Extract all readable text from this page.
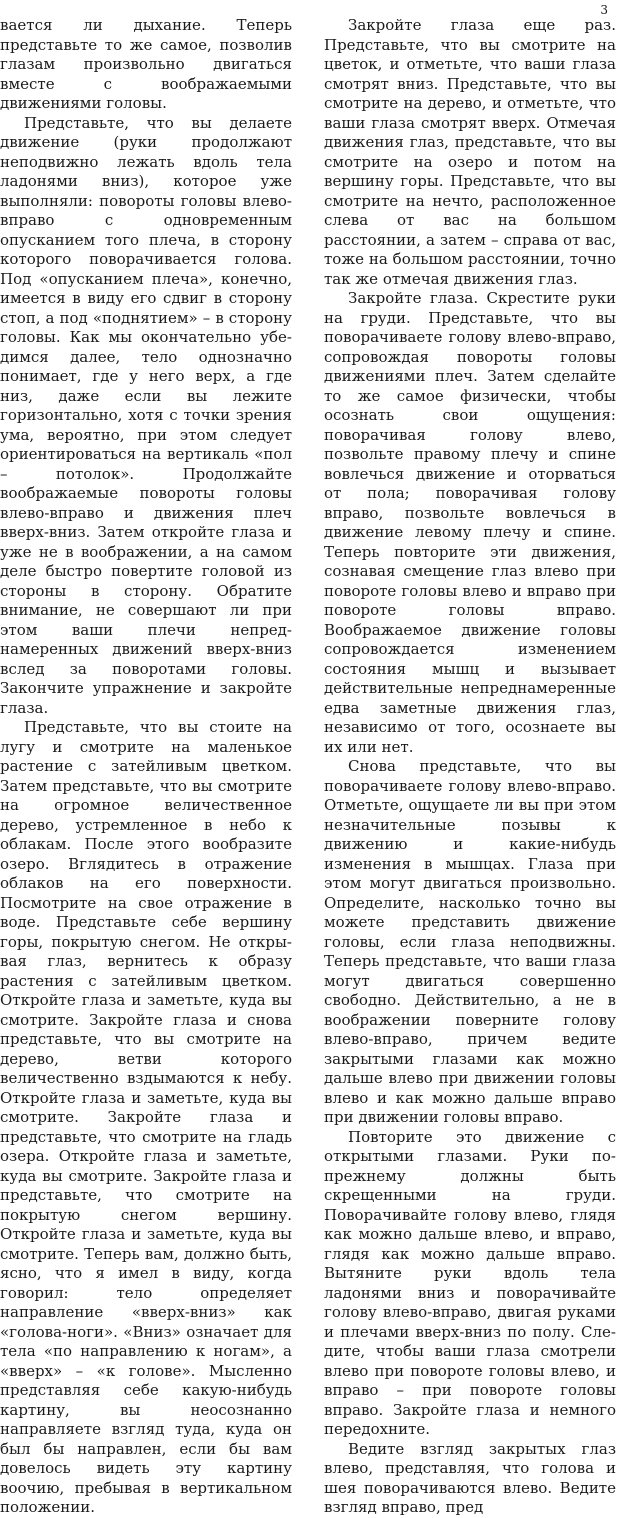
3

вается ли дыхание. Теперь представьте то же самое, позволив глазам произвольно двигаться вместе с воображаемыми движениями головы.

Представьте, что вы делаете движение (руки продолжают неподвижно лежать вдоль тела ладонями вниз), которое уже выполняли: повороты головы влево-вправо с одновременным опусканием того плеча, в сторону которого поворачивается голова. Под «опусканием плеча», конечно, имеется в виду его сдвиг в сторону стоп, а под «поднятием» – в сторону головы. Как мы окончательно убедимся далее, тело однозначно понимает, где у него верх, а где низ, даже если вы лежите горизонтально, хотя с точки зрения ума, вероятно, при этом следует ориентироваться на вертикаль «пол – потолок». Продолжайте воображаемые повороты головы влево-вправо и движения плеч вверх-вниз. Затем откройте глаза и уже не в воображении, а на самом деле быстро повертите головой из стороны в сторону. Обратите внимание, не совершают ли при этом ваши плечи непреднамеренных движений вверх-вниз вслед за поворотами головы. Закончите упражнение и закройте глаза.

Представьте, что вы стоите на лугу и смотрите на маленькое растение с затейливым цветком. Затем представьте, что вы смотрите на огромное величественное дерево, устремленное в небо к облакам. После этого вообразите озеро. Вглядитесь в отражение облаков на его поверхности. Посмотрите на свое отражение в воде. Представьте себе вершину горы, покрытую снегом. Не открывая глаз, вернитесь к образу растения с затейливым цветком. Откройте глаза и заметьте, куда вы смотрите. Закройте глаза и снова представьте, что вы смотрите на дерево, ветви которого величественно вздымаются к небу. Откройте глаза и заметьте, куда вы смотрите. Закройте глаза и представьте, что смотрите на гладь озера. Откройте глаза и заметьте, куда вы смотрите. Закройте глаза и представьте, что смотрите на покрытую снегом вершину. Откройте глаза и заметьте, куда вы смотрите. Теперь вам, должно быть, ясно, что я имел в виду, когда говорил: тело определяет направление «вверх-вниз» как «голова-ноги». «Вниз» означает для тела «по направлению к ногам», а «вверх» – «к голове». Мысленно представляя себе какую-нибудь картину, вы неосознанно направляете взгляд туда, куда он был бы направлен, если бы вам довелось видеть эту картину воочию, пребывая в вертикальном положении.

Закройте глаза еще раз. Представьте, что вы смотрите на цветок, и отметьте, что ваши глаза смотрят вниз. Представьте, что вы смотрите на дерево, и отметьте, что ваши глаза смотрят вверх. Отмечая движения глаз, представьте, что вы смотрите на озеро и потом на вершину горы. Представьте, что вы смотрите на нечто, расположенное слева от вас на большом расстоянии, а затем – справа от вас, тоже на большом расстоянии, точно так же отмечая движения глаз.

Закройте глаза. Скрестите руки на груди. Представьте, что вы поворачиваете голову влево-вправо, сопровождая повороты головы движениями плеч. Затем сделайте то же самое физически, чтобы осознать свои ощущения: поворачивая голову влево, позвольте правому плечу и спине вовлечься движение и оторваться от пола; поворачивая голову вправо, позвольте вовлечься в движение левому плечу и спине. Теперь повторите эти движения, сознавая смещение глаз влево при повороте головы влево и вправо при повороте головы вправо. Воображаемое движение головы сопровождается изменением состояния мышц и вызывает действительные непреднамеренные едва заметные движения глаз, независимо от того, осознаете вы их или нет.

Снова представьте, что вы поворачиваете голову влево-вправо. Отметьте, ощущаете ли вы при этом незначительные позывы к движению и какие-нибудь изменения в мышцах. Глаза при этом могут двигаться произвольно. Определите, насколько точно вы можете представить движение головы, если глаза неподвижны. Теперь представьте, что ваши глаза могут двигаться совершенно свободно. Действительно, а не в воображении поверните голову влево-вправо, причем ведите закрытыми глазами как можно дальше влево при движении головы влево и как можно дальше вправо при движении головы вправо.

Повторите это движение с открытыми глазами. Руки по-прежнему должны быть скрещенными на груди. Поворачивайте голову влево, глядя как можно дальше влево, и вправо, глядя как можно дальше вправо. Вытяните руки вдоль тела ладонями вниз и поворачивайте голову влево-вправо, двигая руками и плечами вверх-вниз по полу. Следите, чтобы ваши глаза смотрели влево при повороте головы влево, и вправо – при повороте головы вправо. Закройте глаза и немного передохните.

Ведите взгляд закрытых глаз влево, представляя, что голова и шея поворачиваются влево. Ведите взгляд вправо, пред
